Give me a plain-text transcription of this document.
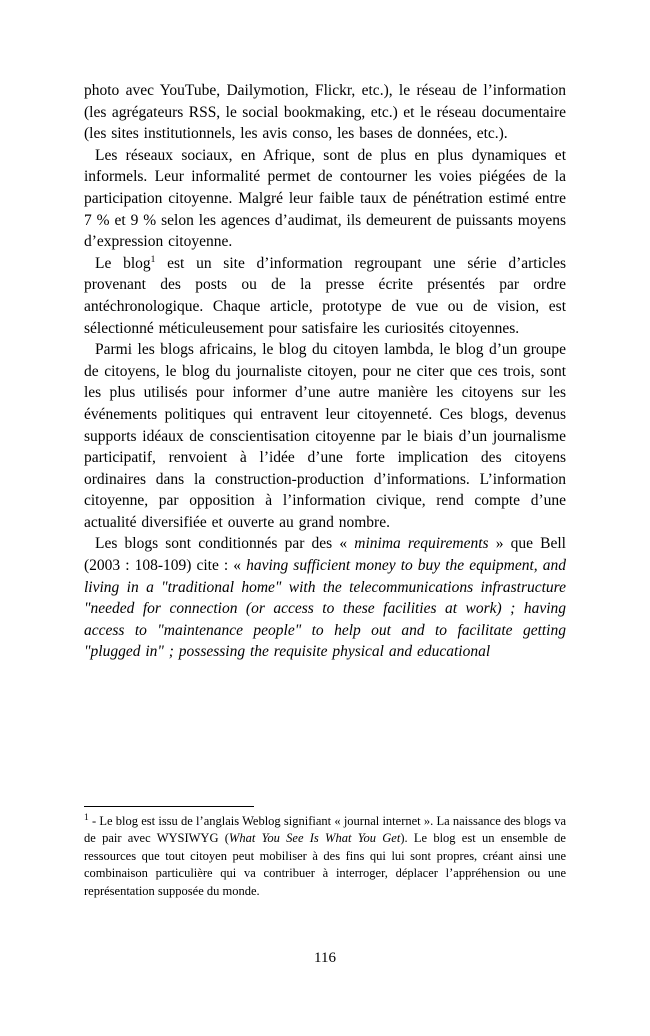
photo avec YouTube, Dailymotion, Flickr, etc.), le réseau de l’information (les agrégateurs RSS, le social bookmaking, etc.) et le réseau documentaire (les sites institutionnels, les avis conso, les bases de données, etc.).

Les réseaux sociaux, en Afrique, sont de plus en plus dynamiques et informels. Leur informalité permet de contourner les voies piégées de la participation citoyenne. Malgré leur faible taux de pénétration estimé entre 7 % et 9 % selon les agences d’audimat, ils demeurent de puissants moyens d’expression citoyenne.

Le blog$^1$ est un site d’information regroupant une série d’articles provenant des posts ou de la presse écrite présentés par ordre antéchronologique. Chaque article, prototype de vue ou de vision, est sélectionné méticuleusement pour satisfaire les curiosités citoyennes.

Parmi les blogs africains, le blog du citoyen lambda, le blog d’un groupe de citoyens, le blog du journaliste citoyen, pour ne citer que ces trois, sont les plus utilisés pour informer d’une autre manière les citoyens sur les événements politiques qui entravent leur citoyenneté. Ces blogs, devenus supports idéaux de conscientisation citoyenne par le biais d’un journalisme participatif, renvoient à l’idée d’une forte implication des citoyens ordinaires dans la construction-production d’informations. L’information citoyenne, par opposition à l’information civique, rend compte d’une actualité diversifiée et ouverte au grand nombre.

Les blogs sont conditionnés par des « minima requirements » que Bell (2003 : 108-109) cite : « having sufficient money to buy the equipment, and living in a "traditional home" with the telecommunications infrastructure "needed for connection (or access to these facilities at work) ; having access to "maintenance people" to help out and to facilitate getting "plugged in" ; possessing the requisite physical and educational

$^1$ - Le blog est issu de l’anglais Weblog signifiant « journal internet ». La naissance des blogs va de pair avec WYSIWYG (What You See Is What You Get). Le blog est un ensemble de ressources que tout citoyen peut mobiliser à des fins qui lui sont propres, créant ainsi une combinaison particulière qui va contribuer à interroger, déplacer l’appréhension ou une représentation supposée du monde.
116
